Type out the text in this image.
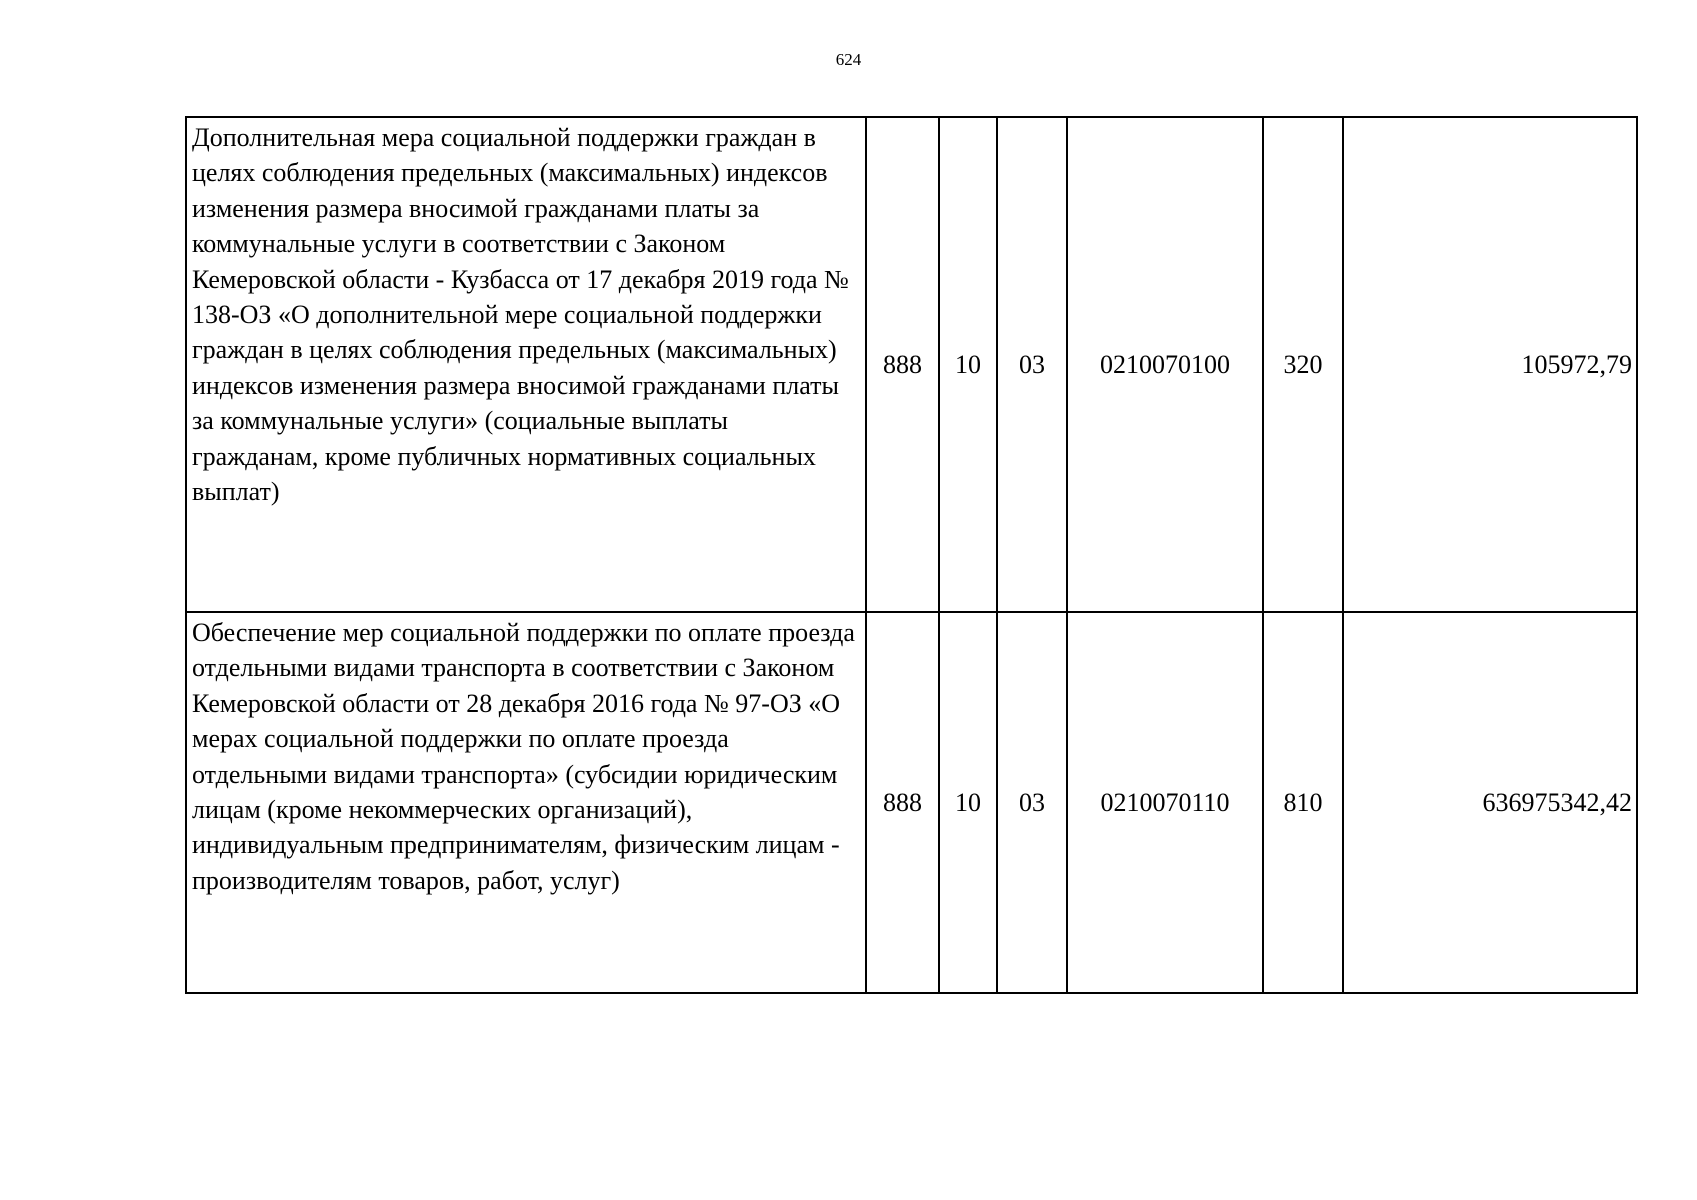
624
Дополнительная мера социальной поддержки граждан в целях соблюдения предельных (максимальных) индексов изменения размера вносимой гражданами платы за коммунальные услуги в соответствии с Законом Кемеровской области - Кузбасса от 17 декабря 2019 года № 138-ОЗ «О дополнительной мере социальной поддержки граждан в целях соблюдения предельных (максимальных) индексов изменения размера вносимой гражданами платы за коммунальные услуги» (социальные выплаты гражданам, кроме публичных нормативных социальных выплат)	888	10	03	0210070100	320	105972,79
Обеспечение мер социальной поддержки по оплате проезда отдельными видами транспорта в соответствии с Законом Кемеровской области от 28 декабря 2016 года № 97-ОЗ «О мерах социальной поддержки по оплате проезда отдельными видами транспорта» (субсидии юридическим лицам (кроме некоммерческих организаций), индивидуальным предпринимателям, физическим лицам - производителям товаров, работ, услуг)	888	10	03	0210070110	810	636975342,42
